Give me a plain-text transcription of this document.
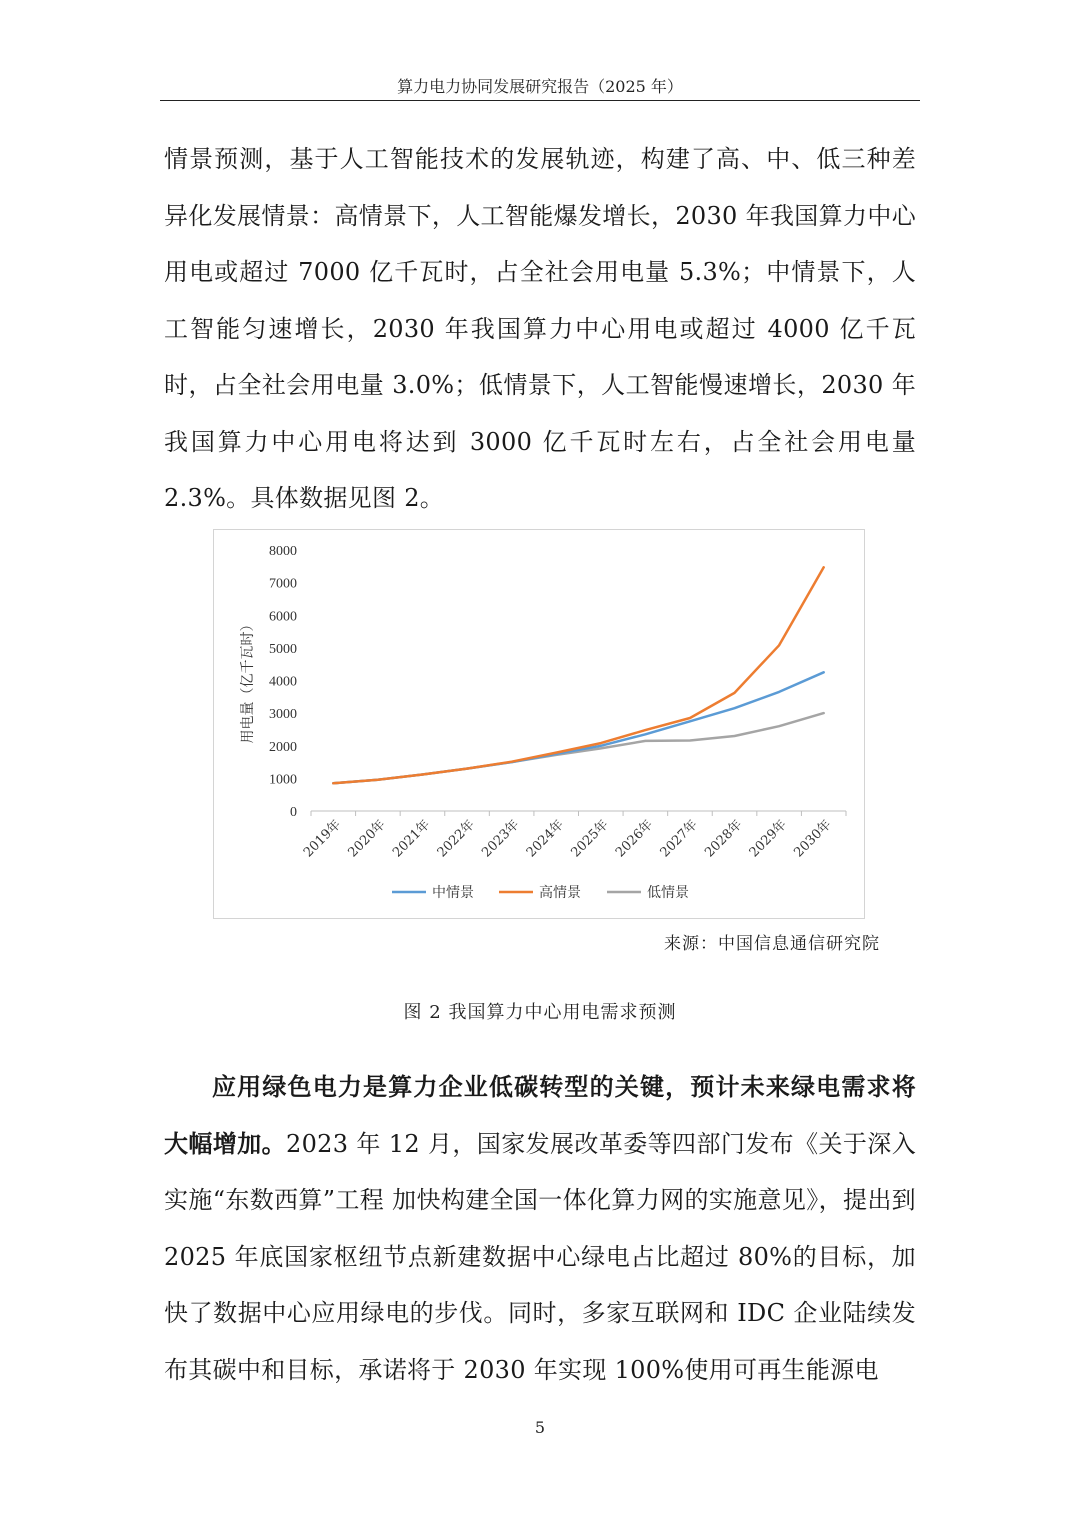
算力电力协同发展研究报告（2025 年）

情景预测，基于人工智能技术的发展轨迹，构建了高、中、低三种差异化发展情景：高情景下，人工智能爆发增长，2030 年我国算力中心用电或超过 7000 亿千瓦时，占全社会用电量 5.3%；中情景下，人工智能匀速增长，2030 年我国算力中心用电或超过 4000 亿千瓦时，占全社会用电量 3.0%；低情景下，人工智能慢速增长，2030 年我国算力中心用电将达到 3000 亿千瓦时左右，占全社会用电量 2.3%。具体数据见图 2。

0
1000
2000
3000
4000
5000
6000
7000
8000
2019年 2020年 2021年 2022年 2023年 2024年 2025年 2026年 2027年 2028年 2029年 2030年
用电量（亿千瓦时）
中情景	高情景	低情景
来源：中国信息通信研究院
图 2 我国算力中心用电需求预测

应用绿色电力是算力企业低碳转型的关键，预计未来绿电需求将大幅增加。2023 年 12 月，国家发展改革委等四部门发布《关于深入实施“东数西算”工程 加快构建全国一体化算力网的实施意见》，提出到 2025 年底国家枢纽节点新建数据中心绿电占比超过 80%的目标，加快了数据中心应用绿电的步伐。同时，多家互联网和 IDC 企业陆续发布其碳中和目标，承诺将于 2030 年实现 100%使用可再生能源电

5
